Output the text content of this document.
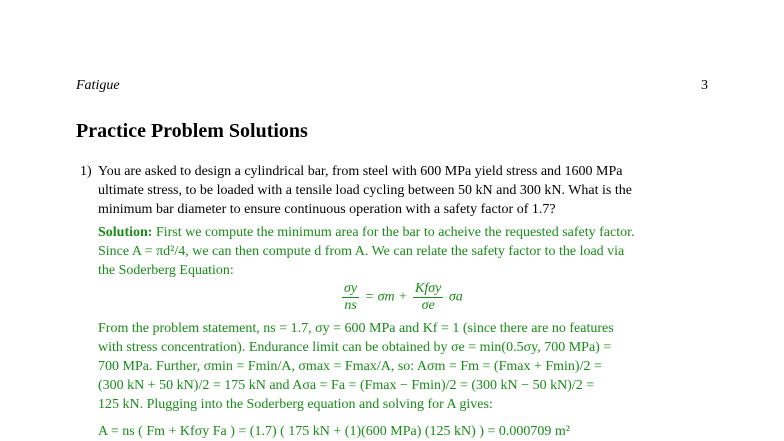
Fatigue	3
Practice Problem Solutions
1) You are asked to design a cylindrical bar, from steel with 600 MPa yield stress and 1600 MPa
ultimate stress, to be loaded with a tensile load cycling between 50 kN and 300 kN. What is the
minimum bar diameter to ensure continuous operation with a safety factor of 1.7?
Solution: First we compute the minimum area for the bar to acheive the requested safety factor.
Since A = πd²/4, we can then compute d from A. We can relate the safety factor to the load via
the Soderberg Equation:
$\frac{\sigma y}{ns} = \sigma m + \frac{\text{Kfσy}}{\sigma e}$ σa
From the problem statement, ns = 1.7, σy = 600 MPa and Kf = 1 (since there are no features
with stress concentration). Endurance limit can be obtained by σe = min(0.5σy, 700 MPa) =
700 MPa. Further, σmin = Fmin/A, σmax = Fmax/A, so: Aσm = Fm = (Fmax + Fmin)/2 =
(300 kN + 50 kN)/2 = 175 kN and Aσa = Fa = (Fmax − Fmin)/2 = (300 kN − 50 kN)/2 =
125 kN. Plugging into the Soderberg equation and solving for A gives:
A = ns ( Fm + Kfσy Fa ) = (1.7) ( 175 kN + (1)(600 MPa) (125 kN) ) = 0.000709 m²
